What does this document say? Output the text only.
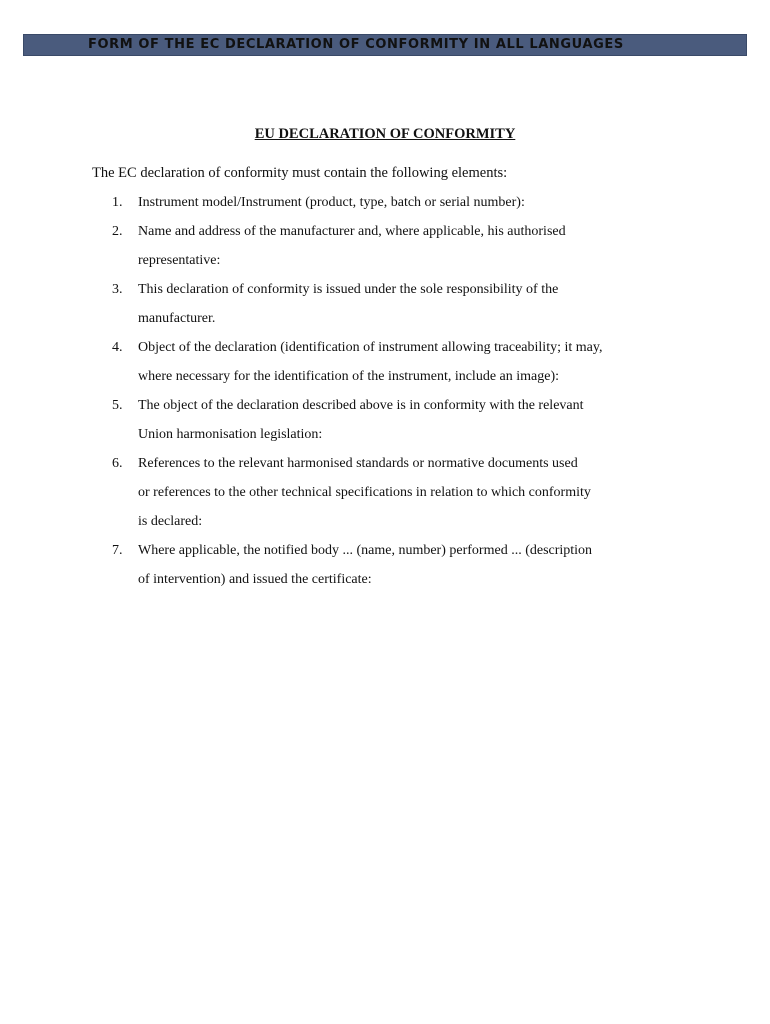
FORM OF THE EC DECLARATION OF CONFORMITY IN ALL LANGUAGES
EU DECLARATION OF CONFORMITY
The EC declaration of conformity must contain the following elements:
1.	Instrument model/Instrument (product, type, batch or serial number):
2.	Name and address of the manufacturer and, where applicable, his authorised
representative:
3.	This declaration of conformity is issued under the sole responsibility of the
manufacturer.
4.	Object of the declaration (identification of instrument allowing traceability; it may,
where necessary for the identification of the instrument, include an image):
5.	The object of the declaration described above is in conformity with the relevant
Union harmonisation legislation:
6.	References to the relevant harmonised standards or normative documents used
or references to the other technical specifications in relation to which conformity
is declared:
7.	Where applicable, the notified body ... (name, number) performed ... (description
of intervention) and issued the certificate:
